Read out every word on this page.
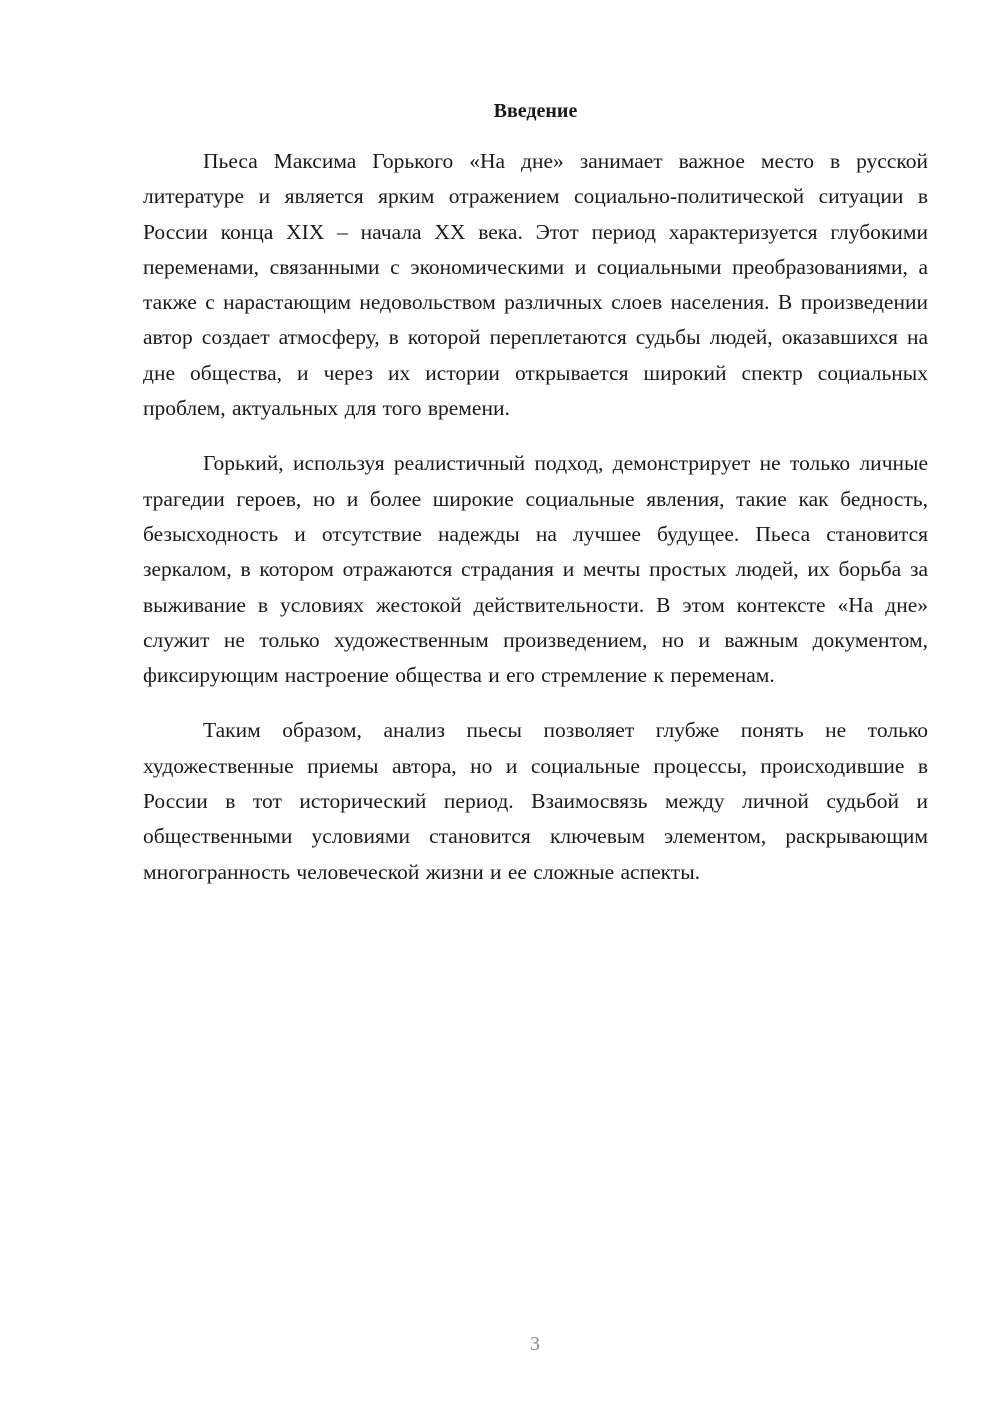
Введение

Пьеса Максима Горького «На дне» занимает важное место в русской литературе и является ярким отражением социально-политической ситуации в России конца XIX – начала XX века. Этот период характеризуется глубокими переменами, связанными с экономическими и социальными преобразованиями, а также с нарастающим недовольством различных слоев населения. В произведении автор создает атмосферу, в которой переплетаются судьбы людей, оказавшихся на дне общества, и через их истории открывается широкий спектр социальных проблем, актуальных для того времени.

Горький, используя реалистичный подход, демонстрирует не только личные трагедии героев, но и более широкие социальные явления, такие как бедность, безысходность и отсутствие надежды на лучшее будущее. Пьеса становится зеркалом, в котором отражаются страдания и мечты простых людей, их борьба за выживание в условиях жестокой действительности. В этом контексте «На дне» служит не только художественным произведением, но и важным документом, фиксирующим настроение общества и его стремление к переменам.

Таким образом, анализ пьесы позволяет глубже понять не только художественные приемы автора, но и социальные процессы, происходившие в России в тот исторический период. Взаимосвязь между личной судьбой и общественными условиями становится ключевым элементом, раскрывающим многогранность человеческой жизни и ее сложные аспекты.

3
